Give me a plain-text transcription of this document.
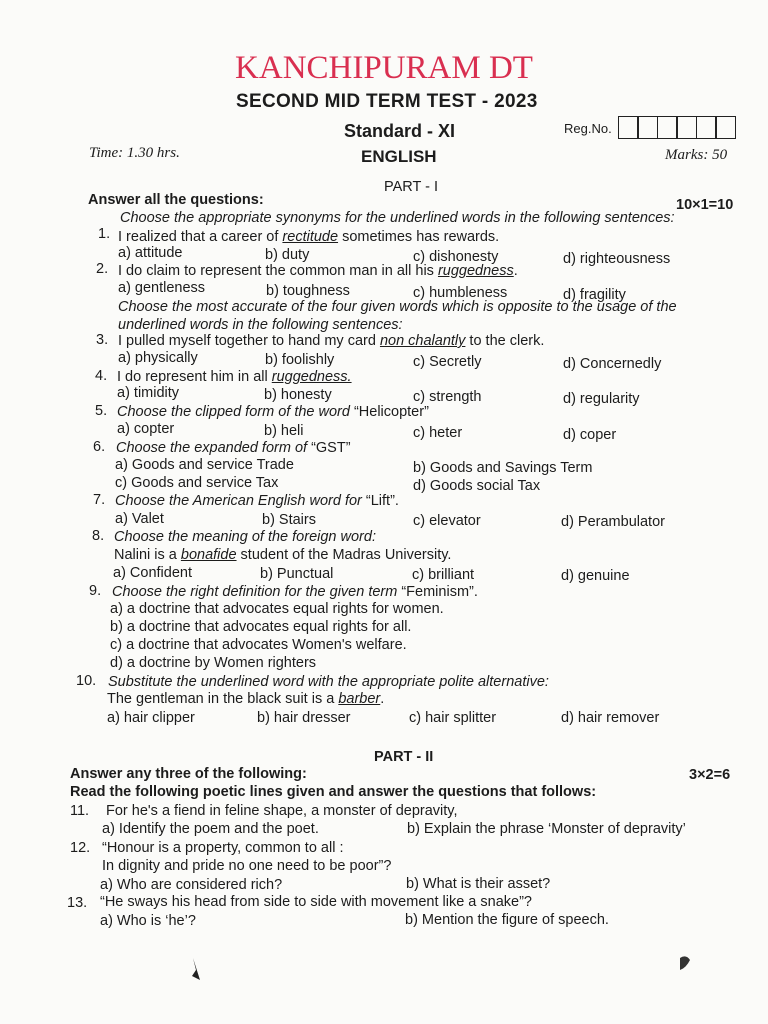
KANCHIPURAM DT
SECOND MID TERM TEST - 2023
Standard - XI	Reg.No.
Time: 1.30 hrs.	ENGLISH	Marks: 50
PART - I
Answer all the questions:	10×1=10
Choose the appropriate synonyms for the underlined words in the following sentences:
1. I realized that a career of rectitude sometimes has rewards.
a) attitude	b) duty	c) dishonesty	d) righteousness
2. I do claim to represent the common man in all his ruggedness.
a) gentleness	b) toughness	c) humbleness	d) fragility
Choose the most accurate of the four given words which is opposite to the usage of the
underlined words in the following sentences:
3. I pulled myself together to hand my card non chalantly to the clerk.
a) physically	b) foolishly	c) Secretly	d) Concernedly
4. I do represent him in all ruggedness.
a) timidity	b) honesty	c) strength	d) regularity
5. Choose the clipped form of the word “Helicopter”
a) copter	b) heli	c) heter	d) coper
6. Choose the expanded form of “GST”
a) Goods and service Trade	b) Goods and Savings Term
c) Goods and service Tax	d) Goods social Tax
7. Choose the American English word for “Lift”.
a) Valet	b) Stairs	c) elevator	d) Perambulator
8. Choose the meaning of the foreign word:
Nalini is a bonafide student of the Madras University.
a) Confident	b) Punctual	c) brilliant	d) genuine
9. Choose the right definition for the given term “Feminism”.
a) a doctrine that advocates equal rights for women.
b) a doctrine that advocates equal rights for all.
c) a doctrine that advocates Women's welfare.
d) a doctrine by Women righters
10. Substitute the underlined word with the appropriate polite alternative:
The gentleman in the black suit is a barber.
a) hair clipper	b) hair dresser	c) hair splitter	d) hair remover
PART - II
Answer any three of the following:	3×2=6
Read the following poetic lines given and answer the questions that follows:
11. For he's a fiend in feline shape, a monster of depravity,
a) Identify the poem and the poet.	b) Explain the phrase ‘Monster of depravity’
12. “Honour is a property, common to all :
In dignity and pride no one need to be poor”?
a) Who are considered rich?	b) What is their asset?
13. “He sways his head from side to side with movement like a snake”?
a) Who is ‘he’?	b) Mention the figure of speech.
